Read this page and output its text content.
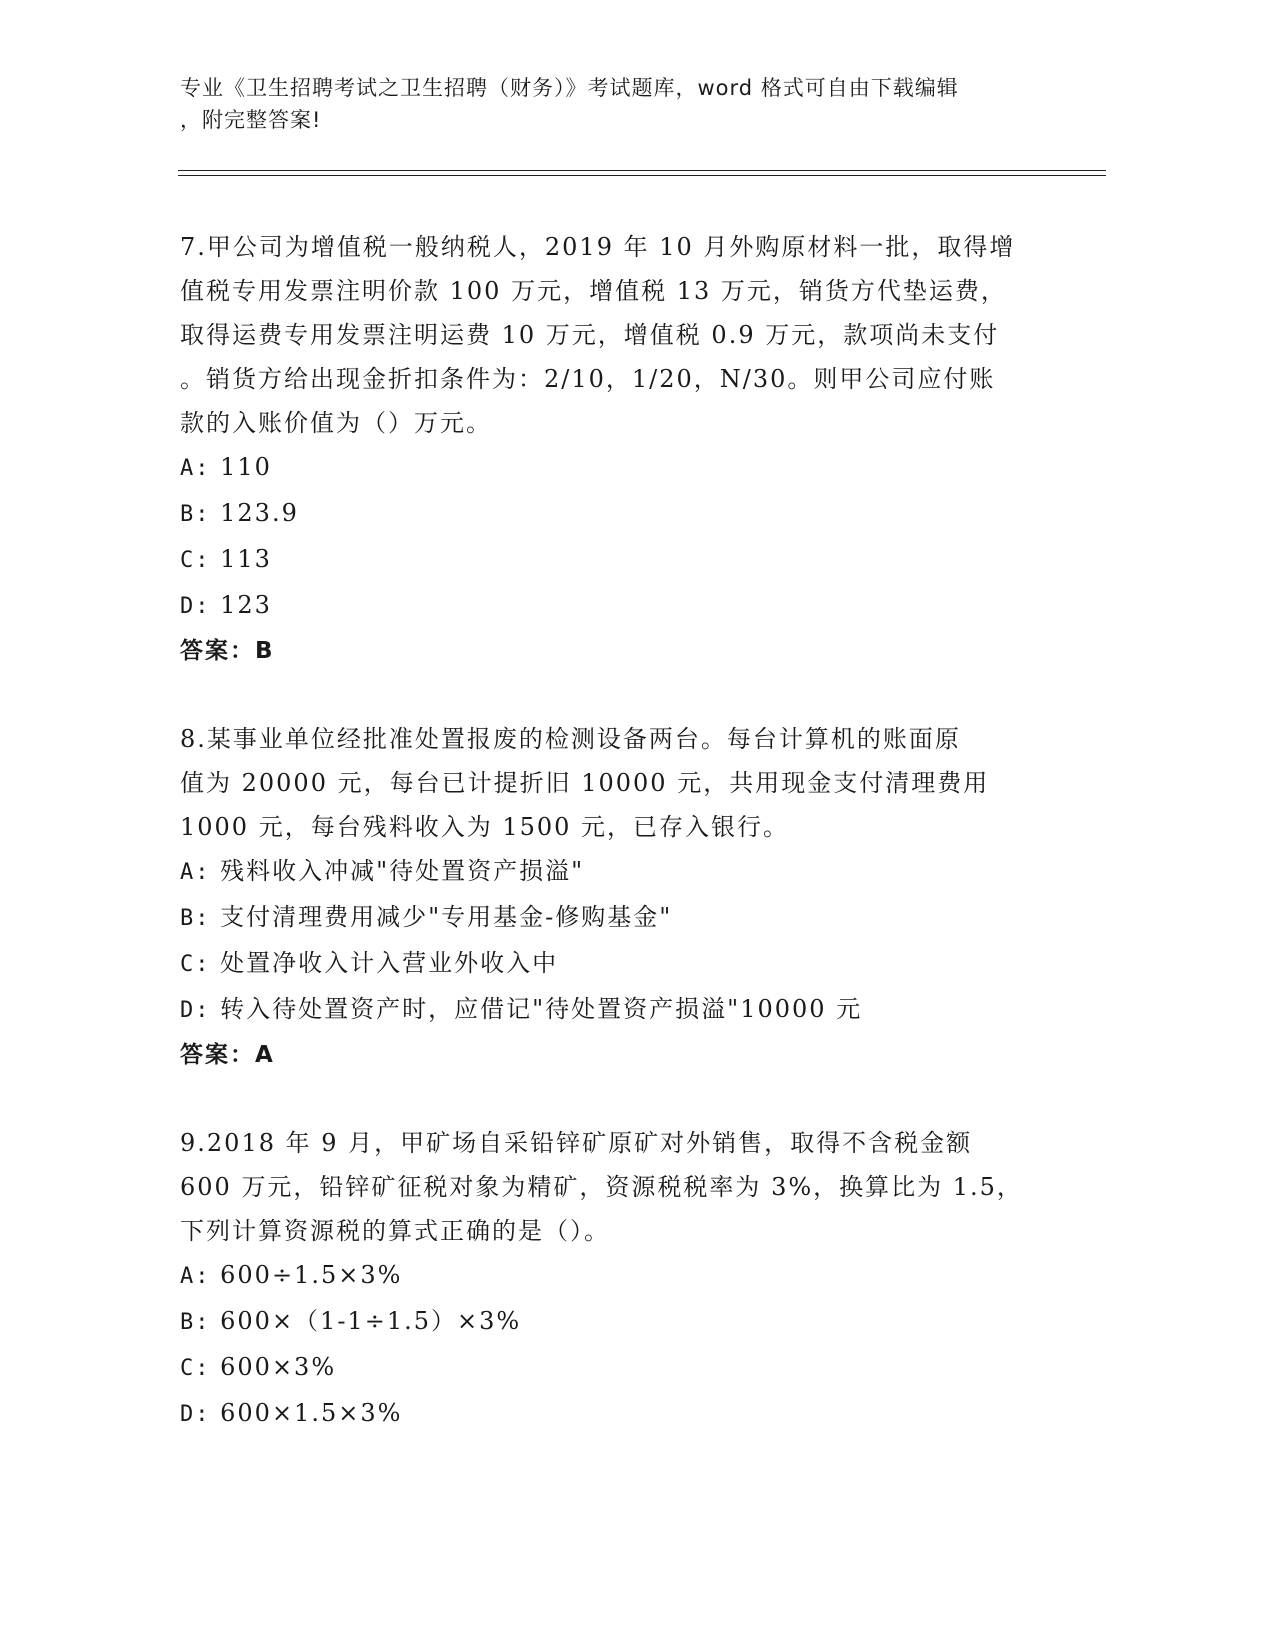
专业《卫生招聘考试之卫生招聘（财务）》考试题库，word 格式可自由下载编辑
，附完整答案!

7.甲公司为增值税一般纳税人，2019 年 10 月外购原材料一批，取得增

值税专用发票注明价款 100 万元，增值税 13 万元，销货方代垫运费，

取得运费专用发票注明运费 10 万元，增值税 0.9 万元，款项尚未支付

。销货方给出现金折扣条件为：2/10，1/20，N/30。则甲公司应付账

款的入账价值为（）万元。

A: 110

B: 123.9

C: 113

D: 123

答案：B

8.某事业单位经批准处置报废的检测设备两台。每台计算机的账面原

值为 20000 元，每台已计提折旧 10000 元，共用现金支付清理费用

1000 元，每台残料收入为 1500 元，已存入银行。

A: 残料收入冲减"待处置资产损溢"

B: 支付清理费用减少"专用基金-修购基金"

C: 处置净收入计入营业外收入中

D: 转入待处置资产时，应借记"待处置资产损溢"10000 元

答案：A

9.2018 年 9 月，甲矿场自采铅锌矿原矿对外销售，取得不含税金额

600 万元，铅锌矿征税对象为精矿，资源税税率为 3%，换算比为 1.5，

下列计算资源税的算式正确的是（）。

A: 600÷1.5×3%

B: 600×（1-1÷1.5）×3%

C: 600×3%

D: 600×1.5×3%
